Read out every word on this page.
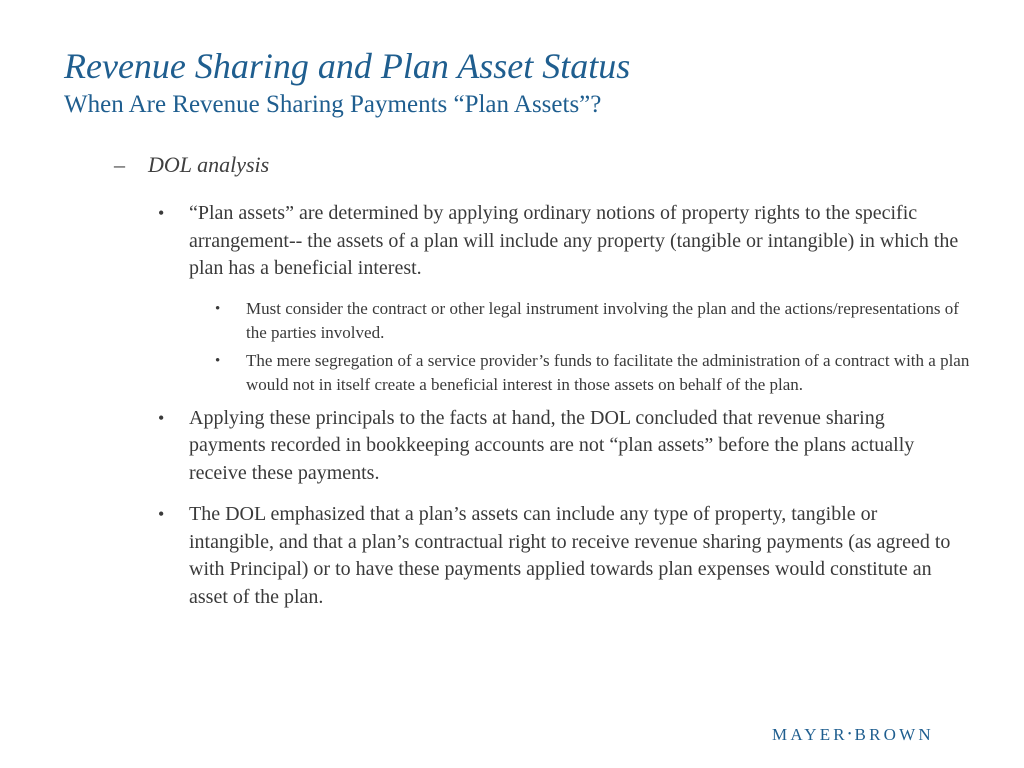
Revenue Sharing and Plan Asset Status
When Are Revenue Sharing Payments “Plan Assets”?
– DOL analysis
• “Plan assets” are determined by applying ordinary notions of property rights to the specific arrangement-- the assets of a plan will include any property (tangible or intangible) in which the plan has a beneficial interest.
• Must consider the contract or other legal instrument involving the plan and the actions/representations of the parties involved.
• The mere segregation of a service provider’s funds to facilitate the administration of a contract with a plan would not in itself create a beneficial interest in those assets on behalf of the plan.
• Applying these principals to the facts at hand, the DOL concluded that revenue sharing payments recorded in bookkeeping accounts are not “plan assets” before the plans actually receive these payments.
• The DOL emphasized that a plan’s assets can include any type of property, tangible or intangible, and that a plan’s contractual right to receive revenue sharing payments (as agreed to with Principal) or to have these payments applied towards plan expenses would constitute an asset of the plan.
MAYER•BROWN
